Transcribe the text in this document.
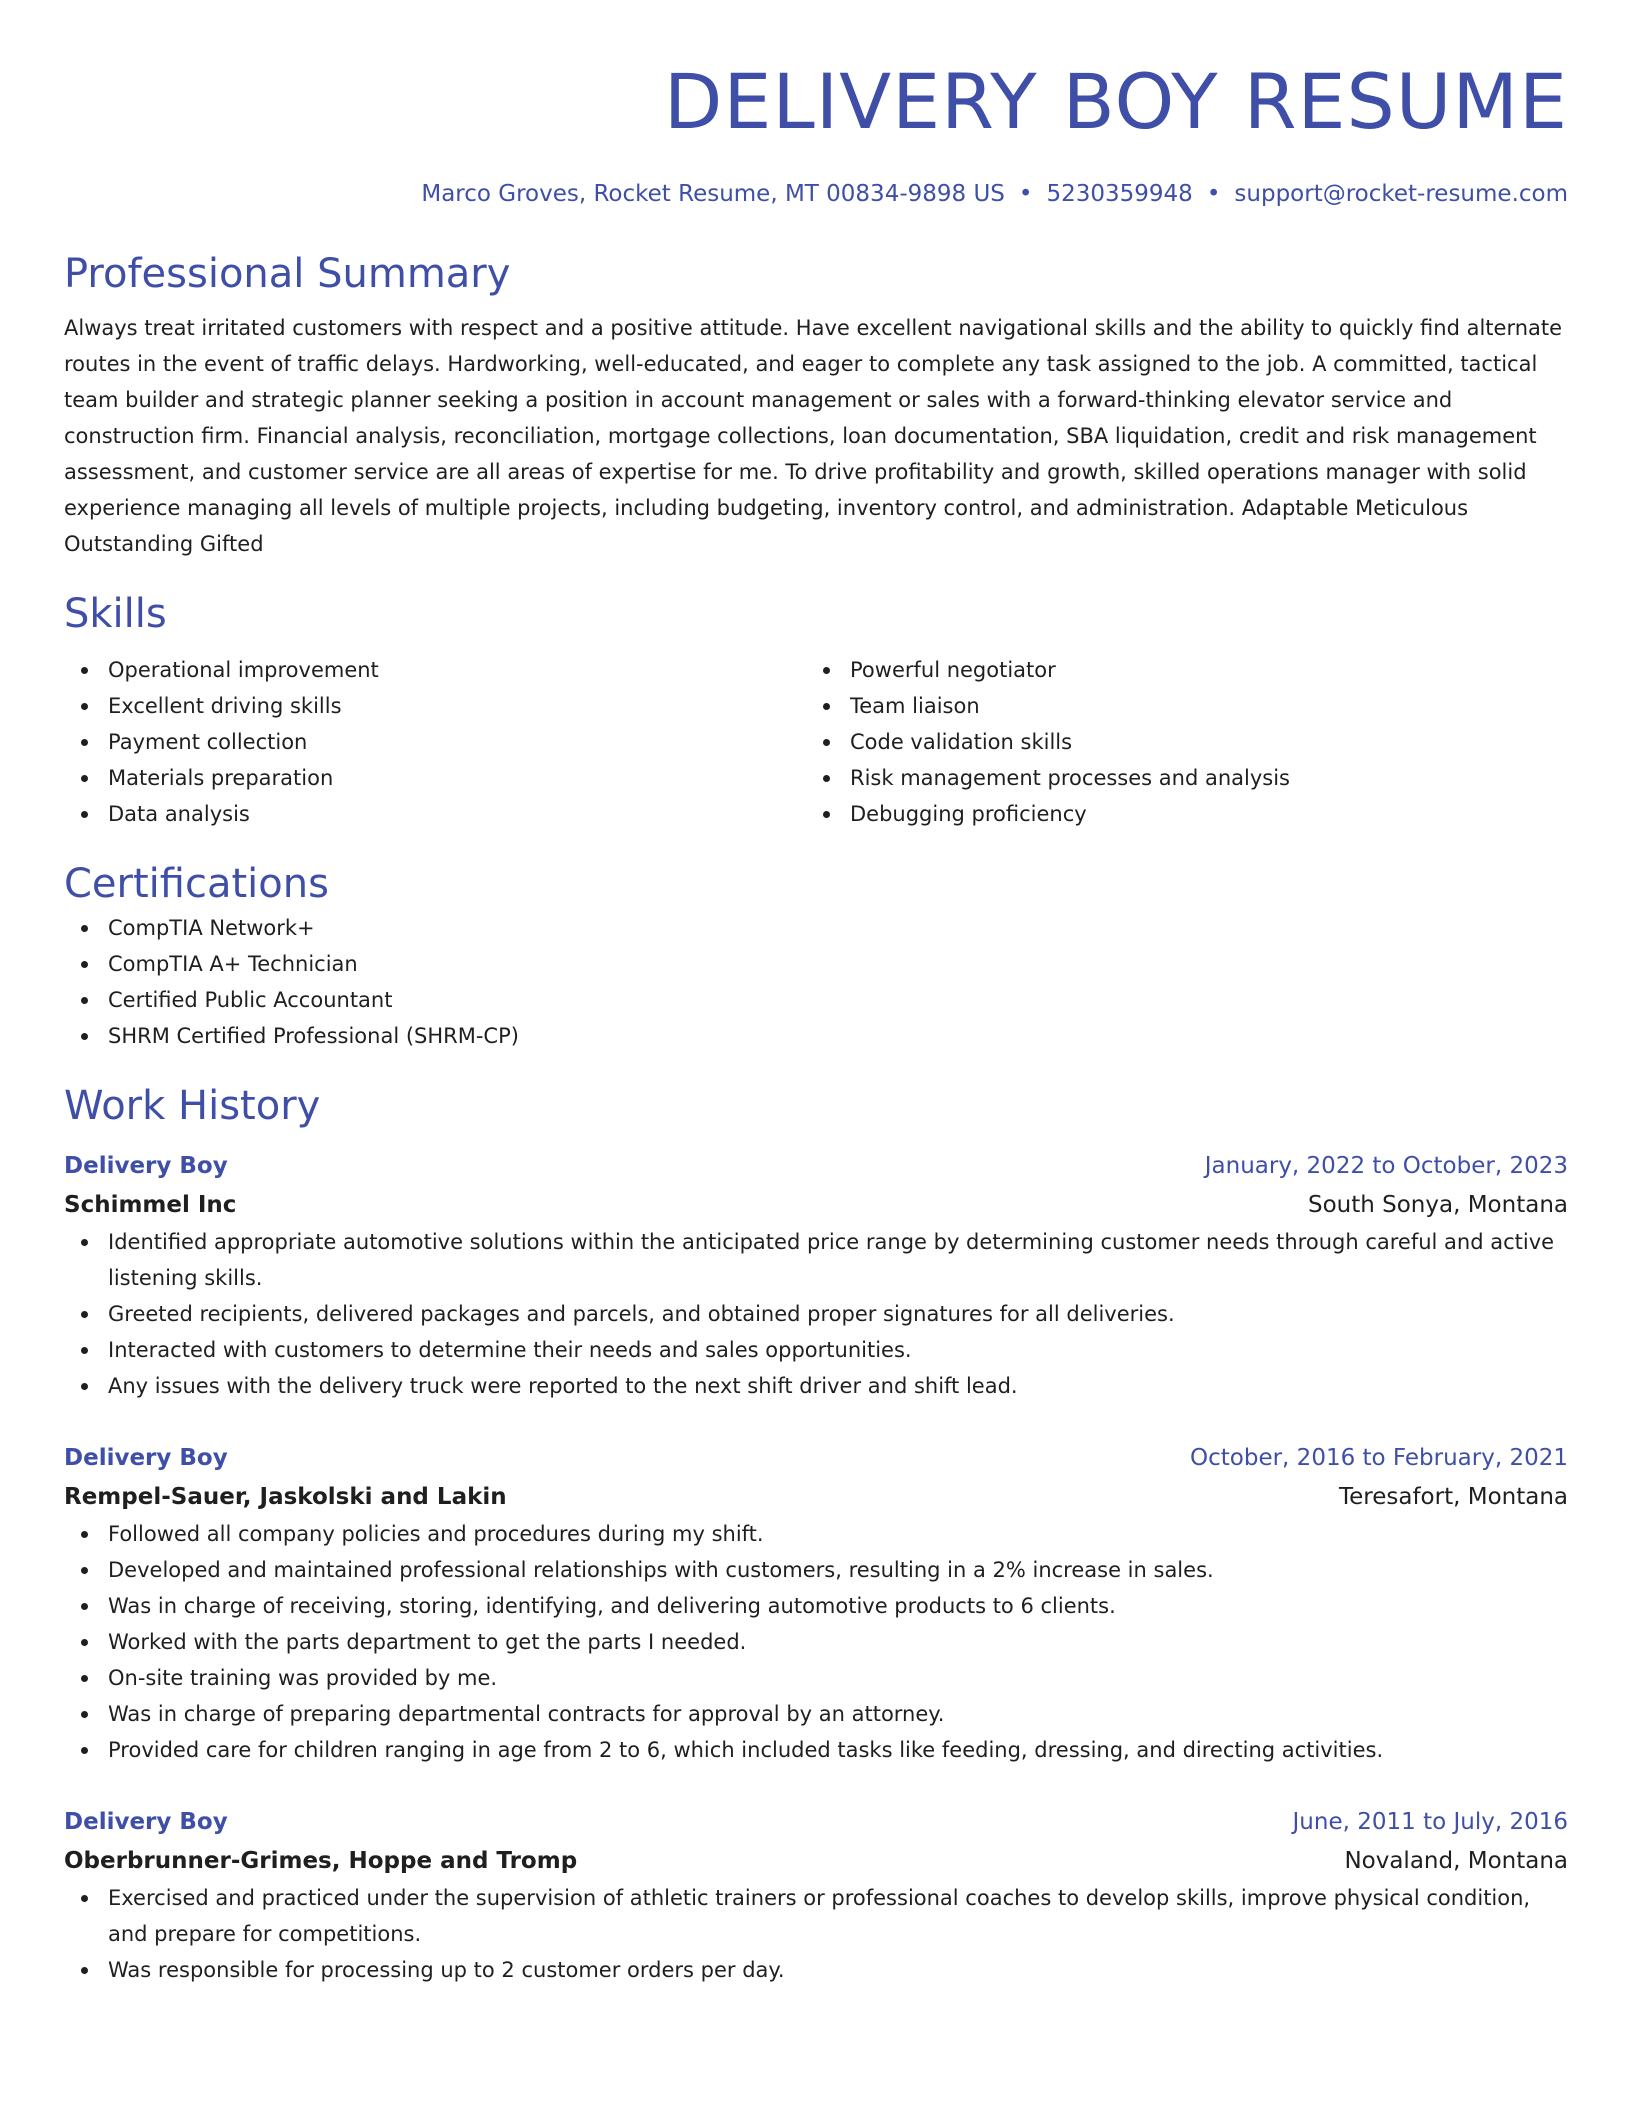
DELIVERY BOY RESUME
Marco Groves, Rocket Resume, MT 00834-9898 US • 5230359948 • support@rocket-resume.com
Professional Summary
Always treat irritated customers with respect and a positive attitude. Have excellent navigational skills and the ability to quickly find alternate routes in the event of traffic delays. Hardworking, well-educated, and eager to complete any task assigned to the job. A committed, tactical team builder and strategic planner seeking a position in account management or sales with a forward-thinking elevator service and construction firm. Financial analysis, reconciliation, mortgage collections, loan documentation, SBA liquidation, credit and risk management assessment, and customer service are all areas of expertise for me. To drive profitability and growth, skilled operations manager with solid experience managing all levels of multiple projects, including budgeting, inventory control, and administration. Adaptable Meticulous Outstanding Gifted
Skills
Operational improvement
Excellent driving skills
Payment collection
Materials preparation
Data analysis
Powerful negotiator
Team liaison
Code validation skills
Risk management processes and analysis
Debugging proficiency
Certifications
CompTIA Network+
CompTIA A+ Technician
Certified Public Accountant
SHRM Certified Professional (SHRM-CP)
Work History
Delivery Boy	January, 2022 to October, 2023
Schimmel Inc	South Sonya, Montana
Identified appropriate automotive solutions within the anticipated price range by determining customer needs through careful and active listening skills.
Greeted recipients, delivered packages and parcels, and obtained proper signatures for all deliveries.
Interacted with customers to determine their needs and sales opportunities.
Any issues with the delivery truck were reported to the next shift driver and shift lead.
Delivery Boy	October, 2016 to February, 2021
Rempel-Sauer, Jaskolski and Lakin	Teresafort, Montana
Followed all company policies and procedures during my shift.
Developed and maintained professional relationships with customers, resulting in a 2% increase in sales.
Was in charge of receiving, storing, identifying, and delivering automotive products to 6 clients.
Worked with the parts department to get the parts I needed.
On-site training was provided by me.
Was in charge of preparing departmental contracts for approval by an attorney.
Provided care for children ranging in age from 2 to 6, which included tasks like feeding, dressing, and directing activities.
Delivery Boy	June, 2011 to July, 2016
Oberbrunner-Grimes, Hoppe and Tromp	Novaland, Montana
Exercised and practiced under the supervision of athletic trainers or professional coaches to develop skills, improve physical condition, and prepare for competitions.
Was responsible for processing up to 2 customer orders per day.
